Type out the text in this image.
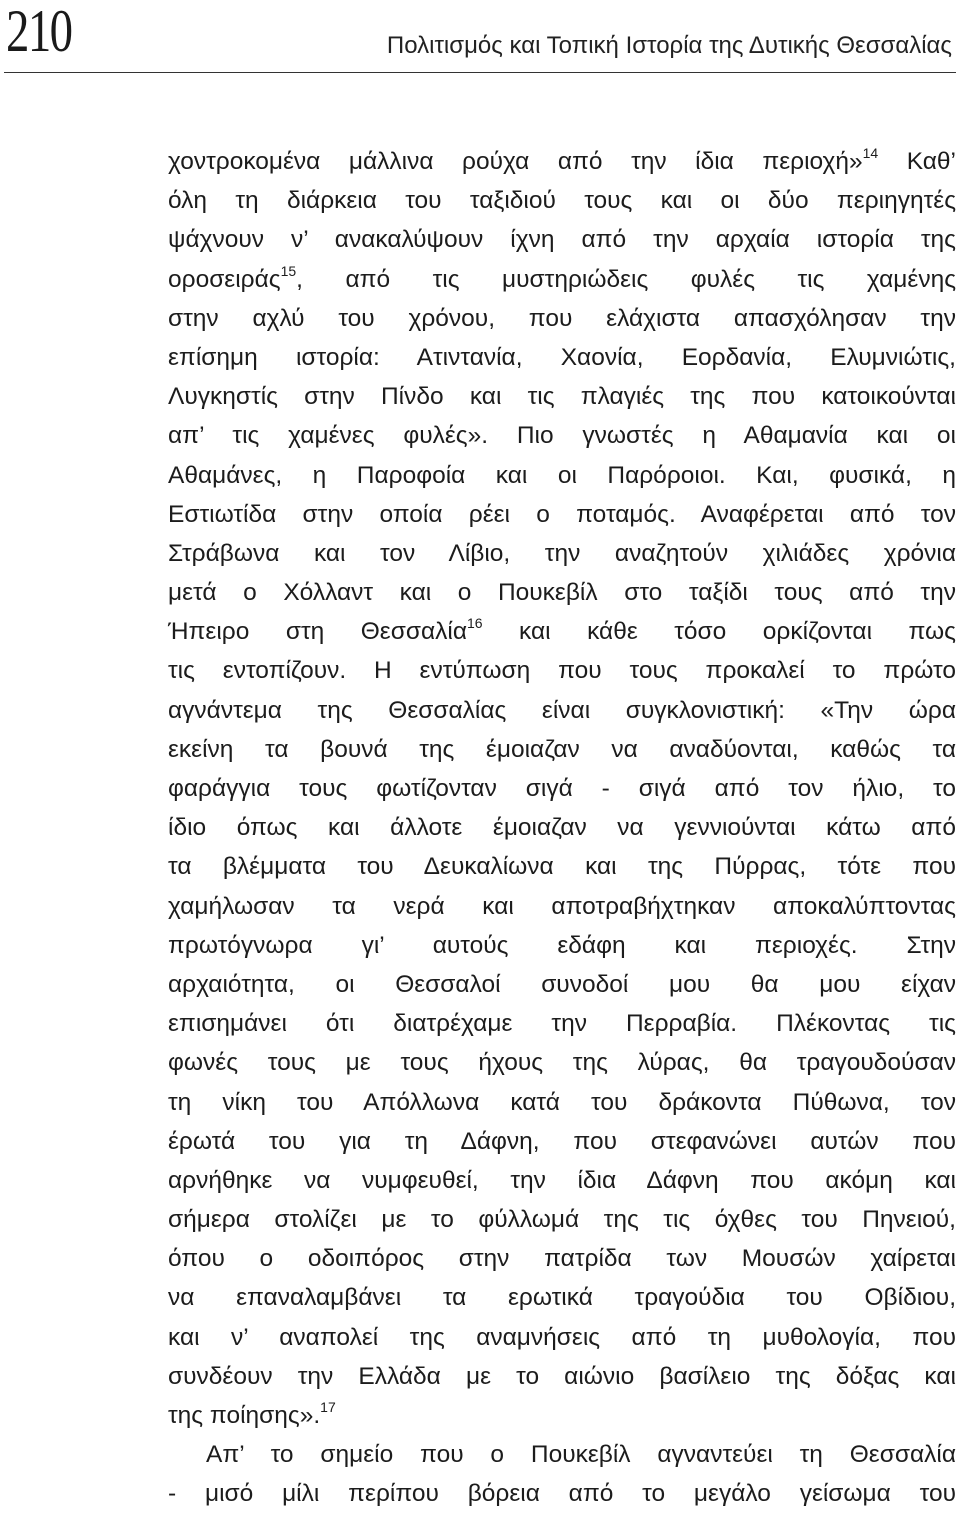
210	Πολιτισμός και Τοπική Ιστορία της Δυτικής Θεσσαλίας
χοντροκομένα μάλλινα ρούχα από την ίδια περιοχή»$^{14}$ Καθ’
όλη τη διάρκεια του ταξιδιού τους και οι δύο περιηγητές
ψάχνουν ν’ ανακαλύψουν ίχνη από την αρχαία ιστορία της
οροσειράς$^{15}$, από τις μυστηριώδεις φυλές τις χαμένης
στην αχλύ του χρόνου, που ελάχιστα απασχόλησαν την
επίσημη ιστορία: Ατιντανία, Χαονία, Εορδανία, Ελυμνιώτις,
Λυγκηστίς στην Πίνδο και τις πλαγιές της που κατοικούνται
απ’ τις χαμένες φυλές». Πιο γνωστές η Αθαμανία και οι
Αθαμάνες, η Παροφοία και οι Παρόροιοι. Και, φυσικά, η
Εστιωτίδα στην οποία ρέει ο ποταμός. Αναφέρεται από τον
Στράβωνα και τον Λίβιο, την αναζητούν χιλιάδες χρόνια
μετά ο Χόλλαντ και ο Πουκεβίλ στο ταξίδι τους από την
Ήπειρο στη Θεσσαλία$^{16}$ και κάθε τόσο ορκίζονται πως
τις εντοπίζουν. Η εντύπωση που τους προκαλεί το πρώτο
αγνάντεμα της Θεσσαλίας είναι συγκλονιστική: «Την ώρα
εκείνη τα βουνά της έμοιαζαν να αναδύονται, καθώς τα
φαράγγια τους φωτίζονταν σιγά - σιγά από τον ήλιο, το
ίδιο όπως και άλλοτε έμοιαζαν να γεννιούνται κάτω από
τα βλέμματα του Δευκαλίωνα και της Πύρρας, τότε που
χαμήλωσαν τα νερά και αποτραβήχτηκαν αποκαλύπτοντας
πρωτόγνωρα γι’ αυτούς εδάφη και περιοχές. Στην
αρχαιότητα, οι Θεσσαλοί συνοδοί μου θα μου είχαν
επισημάνει ότι διατρέχαμε την Περραβία. Πλέκοντας τις
φωνές τους με τους ήχους της λύρας, θα τραγουδούσαν
τη νίκη του Απόλλωνα κατά του δράκοντα Πύθωνα, τον
έρωτά του για τη Δάφνη, που στεφανώνει αυτών που
αρνήθηκε να νυμφευθεί, την ίδια Δάφνη που ακόμη και
σήμερα στολίζει με το φύλλωμά της τις όχθες του Πηνειού,
όπου ο οδοιπόρος στην πατρίδα των Μουσών χαίρεται
να επαναλαμβάνει τα ερωτικά τραγούδια του Οβίδιου,
και ν’ αναπολεί της αναμνήσεις από τη μυθολογία, που
συνδέουν την Ελλάδα με το αιώνιο βασίλειο της δόξας και
της ποίησης».$^{17}$
Απ’ το σημείο που ο Πουκεβίλ αγναντεύει τη Θεσσαλία
- μισό μίλι περίπου βόρεια από το μεγάλο γείσωμα του
